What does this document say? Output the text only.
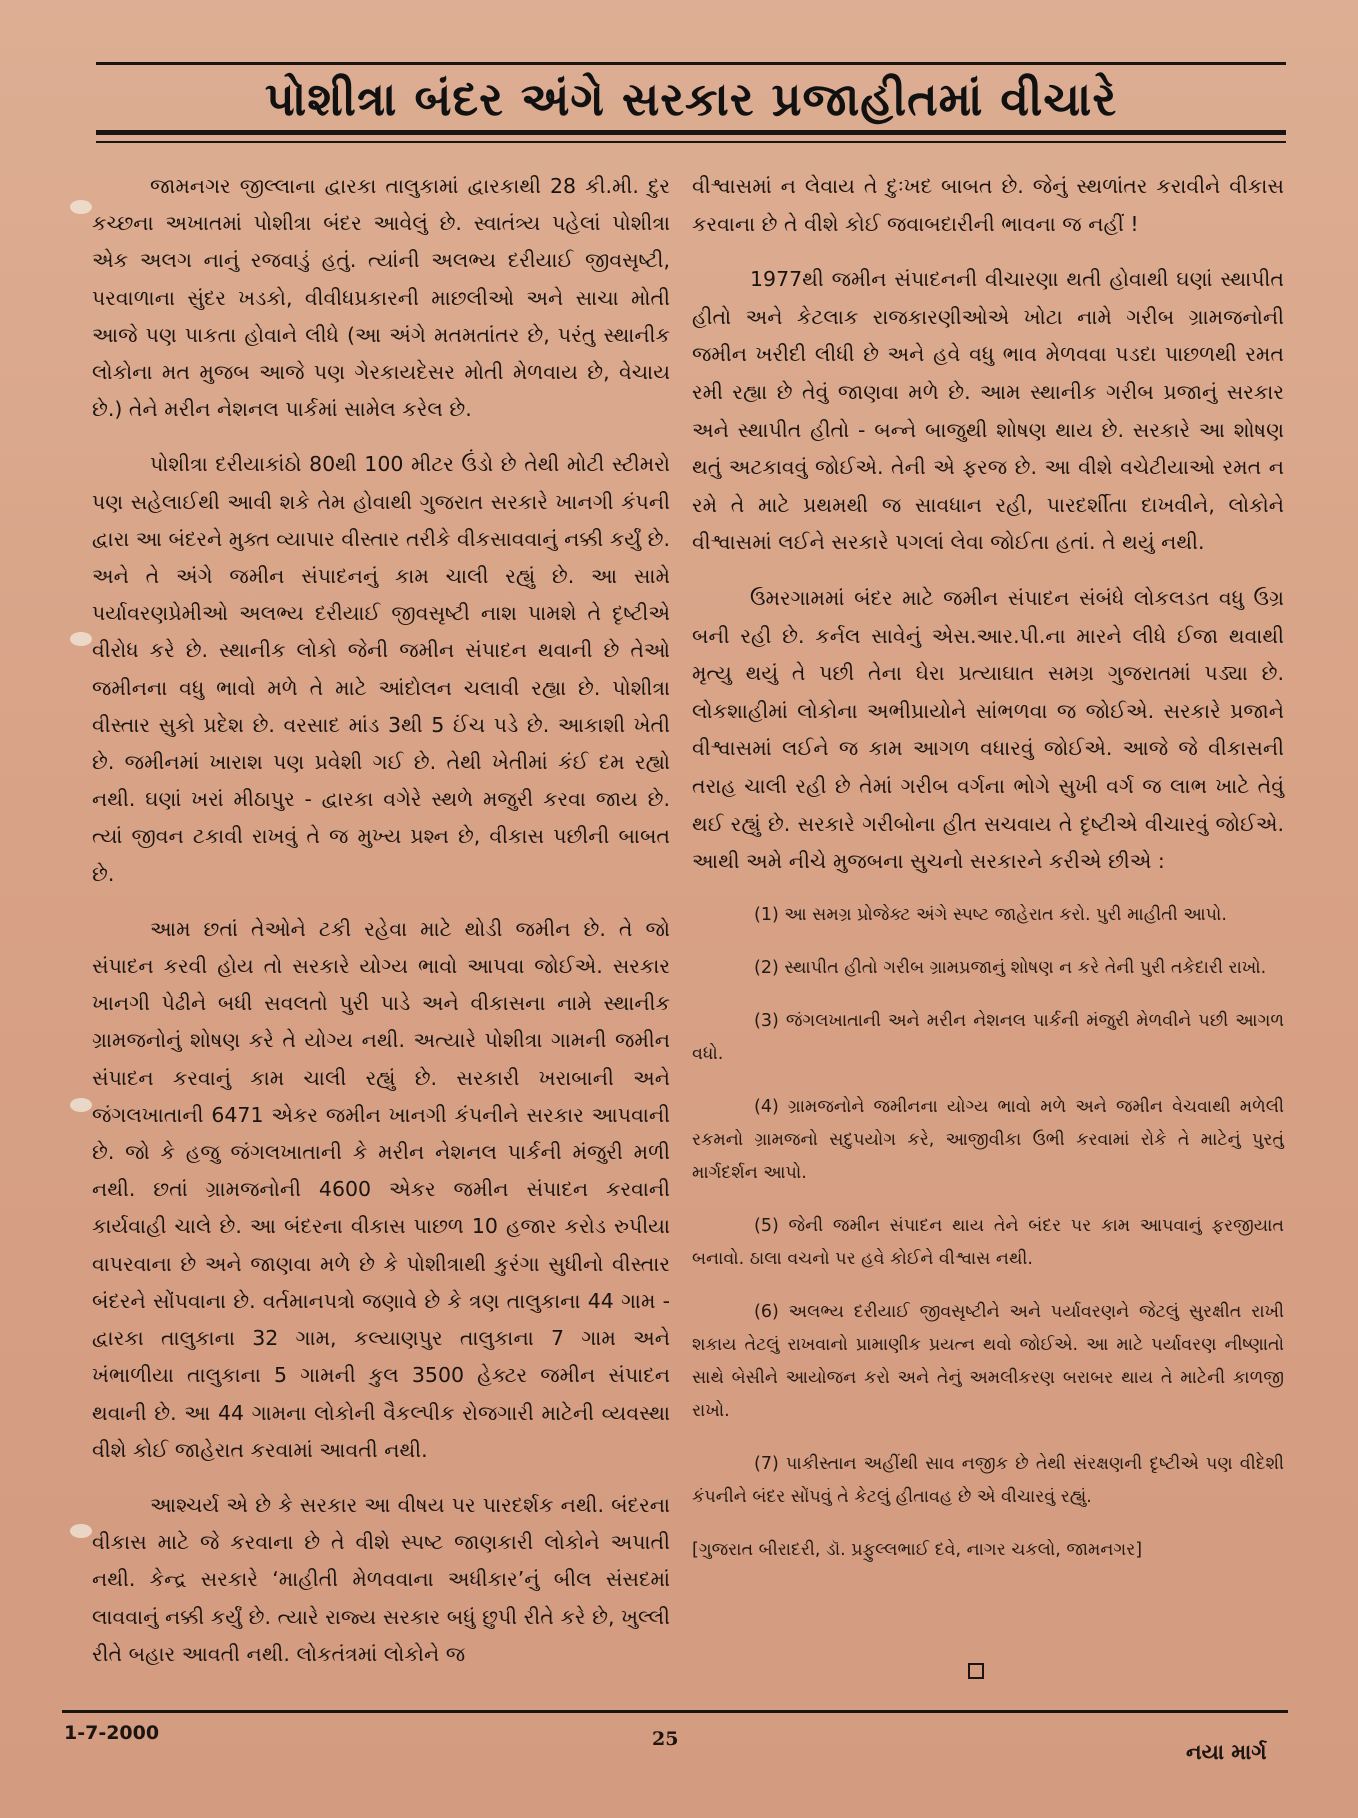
પોશીત્રા બંદર અંગે સરકાર પ્રજાહીતમાં વીચારે

જામનગર જીલ્લાના દ્વારકા તાલુકામાં દ્વારકાથી 28 કી.મી. દુર કચ્છના અખાતમાં પોશીત્રા બંદર આવેલું છે. સ્વાતંત્ર્ય પહેલાં પોશીત્રા એક અલગ નાનું રજવાડું હતું. ત્યાંની અલભ્ય દરીયાઈ જીવસૃષ્ટી, પરવાળાના સુંદર ખડકો, વીવીધપ્રકારની માછલીઓ અને સાચા મોતી આજે પણ પાકતા હોવાને લીધે (આ અંગે મતમતાંતર છે, પરંતુ સ્થાનીક લોકોના મત મુજબ આજે પણ ગેરકાયદેસર મોતી મેળવાય છે, વેચાય છે.) તેને મરીન નેશનલ પાર્કમાં સામેલ કરેલ છે.

પોશીત્રા દરીયાકાંઠો 80થી 100 મીટર ઉંડો છે તેથી મોટી સ્ટીમરો પણ સહેલાઈથી આવી શકે તેમ હોવાથી ગુજરાત સરકારે ખાનગી કંપની દ્વારા આ બંદરને મુક્ત વ્યાપાર વીસ્તાર તરીકે વીકસાવવાનું નક્કી કર્યું છે. અને તે અંગે જમીન સંપાદનનું કામ ચાલી રહ્યું છે. આ સામે પર્યાવરણપ્રેમીઓ અલભ્ય દરીયાઈ જીવસૃષ્ટી નાશ પામશે તે દૃષ્ટીએ વીરોધ કરે છે. સ્થાનીક લોકો જેની જમીન સંપાદન થવાની છે તેઓ જમીનના વધુ ભાવો મળે તે માટે આંદોલન ચલાવી રહ્યા છે. પોશીત્રા વીસ્તાર સુકો પ્રદેશ છે. વરસાદ માંડ 3થી 5 ઈંચ પડે છે. આકાશી ખેતી છે. જમીનમાં ખારાશ પણ પ્રવેશી ગઈ છે. તેથી ખેતીમાં કંઈ દમ રહ્યો નથી. ઘણાં ખરાં મીઠાપુર - દ્વારકા વગેરે સ્થળે મજુરી કરવા જાય છે. ત્યાં જીવન ટકાવી રાખવું તે જ મુખ્ય પ્રશ્ન છે, વીકાસ પછીની બાબત છે.

આમ છતાં તેઓને ટકી રહેવા માટે થોડી જમીન છે. તે જો સંપાદન કરવી હોય તો સરકારે યોગ્ય ભાવો આપવા જોઈએ. સરકાર ખાનગી પેઢીને બધી સવલતો પુરી પાડે અને વીકાસના નામે સ્થાનીક ગ્રામજનોનું શોષણ કરે તે યોગ્ય નથી. અત્યારે પોશીત્રા ગામની જમીન સંપાદન કરવાનું કામ ચાલી રહ્યું છે. સરકારી ખરાબાની અને જંગલખાતાની 6471 એકર જમીન ખાનગી કંપનીને સરકાર આપવાની છે. જો કે હજુ જંગલખાતાની કે મરીન નેશનલ પાર્કની મંજુરી મળી નથી. છતાં ગ્રામજનોની 4600 એકર જમીન સંપાદન કરવાની કાર્યવાહી ચાલે છે. આ બંદરના વીકાસ પાછળ 10 હજાર કરોડ રુપીયા વાપરવાના છે અને જાણવા મળે છે કે પોશીત્રાથી કુરંગા સુધીનો વીસ્તાર બંદરને સોંપવાના છે. વર્તમાનપત્રો જણાવે છે કે ત્રણ તાલુકાના 44 ગામ - દ્વારકા તાલુકાના 32 ગામ, કલ્યાણપુર તાલુકાના 7 ગામ અને ખંભાળીયા તાલુકાના 5 ગામની કુલ 3500 હેક્ટર જમીન સંપાદન થવાની છે. આ 44 ગામના લોકોની વૈકલ્પીક રોજગારી માટેની વ્યવસ્થા વીશે કોઈ જાહેરાત કરવામાં આવતી નથી.

આશ્ચર્ય એ છે કે સરકાર આ વીષય પર પારદર્શક નથી. બંદરના વીકાસ માટે જે કરવાના છે તે વીશે સ્પષ્ટ જાણકારી લોકોને અપાતી નથી. કેન્દ્ર સરકારે ‘માહીતી મેળવવાના અધીકાર’નું બીલ સંસદમાં લાવવાનું નક્કી કર્યું છે. ત્યારે રાજ્ય સરકાર બધું છુપી રીતે કરે છે, ખુલ્લી રીતે બહાર આવતી નથી. લોકતંત્રમાં લોકોને જ

વીશ્વાસમાં ન લેવાય તે દુઃખદ બાબત છે. જેનું સ્થળાંતર કરાવીને વીકાસ કરવાના છે તે વીશે કોઈ જવાબદારીની ભાવના જ નહીં !

1977થી જમીન સંપાદનની વીચારણા થતી હોવાથી ઘણાં સ્થાપીત હીતો અને કેટલાક રાજકારણીઓએ ખોટા નામે ગરીબ ગ્રામજનોની જમીન ખરીદી લીધી છે અને હવે વધુ ભાવ મેળવવા પડદા પાછળથી રમત રમી રહ્યા છે તેવું જાણવા મળે છે. આમ સ્થાનીક ગરીબ પ્રજાનું સરકાર અને સ્થાપીત હીતો - બન્ને બાજુથી શોષણ થાય છે. સરકારે આ શોષણ થતું અટકાવવું જોઈએ. તેની એ ફરજ છે. આ વીશે વચેટીયાઓ રમત ન રમે તે માટે પ્રથમથી જ સાવધાન રહી, પારદર્શીતા દાખવીને, લોકોને વીશ્વાસમાં લઈને સરકારે પગલાં લેવા જોઈતા હતાં. તે થયું નથી.

ઉમરગામમાં બંદર માટે જમીન સંપાદન સંબંધે લોકલડત વધુ ઉગ્ર બની રહી છે. કર્નલ સાવેનું એસ.આર.પી.ના મારને લીધે ઈજા થવાથી મૃત્યુ થયું તે પછી તેના ઘેરા પ્રત્યાઘાત સમગ્ર ગુજરાતમાં પડ્યા છે. લોકશાહીમાં લોકોના અભીપ્રાયોને સાંભળવા જ જોઈએ. સરકારે પ્રજાને વીશ્વાસમાં લઈને જ કામ આગળ વધારવું જોઈએ. આજે જે વીકાસની તરાહ ચાલી રહી છે તેમાં ગરીબ વર્ગના ભોગે સુખી વર્ગ જ લાભ ખાટે તેવું થઈ રહ્યું છે. સરકારે ગરીબોના હીત સચવાય તે દૃષ્ટીએ વીચારવું જોઈએ. આથી અમે નીચે મુજબના સુચનો સરકારને કરીએ છીએ :

(1) આ સમગ્ર પ્રોજેક્ટ અંગે સ્પષ્ટ જાહેરાત કરો. પુરી માહીતી આપો.

(2) સ્થાપીત હીતો ગરીબ ગ્રામપ્રજાનું શોષણ ન કરે તેની પુરી તકેદારી રાખો.

(3) જંગલખાતાની અને મરીન નેશનલ પાર્કની મંજુરી મેળવીને પછી આગળ વધો.

(4) ગ્રામજનોને જમીનના યોગ્ય ભાવો મળે અને જમીન વેચવાથી મળેલી રકમનો ગ્રામજનો સદુપયોગ કરે, આજીવીકા ઉભી કરવામાં રોકે તે માટેનું પુરતું માર્ગદર્શન આપો.

(5) જેની જમીન સંપાદન થાય તેને બંદર પર કામ આપવાનું ફરજીયાત બનાવો. ઠાલા વચનો પર હવે કોઈને વીશ્વાસ નથી.

(6) અલભ્ય દરીયાઈ જીવસૃષ્ટીને અને પર્યાવરણને જેટલું સુરક્ષીત રાખી શકાય તેટલું રાખવાનો પ્રામાણીક પ્રયત્ન થવો જોઈએ. આ માટે પર્યાવરણ નીષ્ણાતો સાથે બેસીને આયોજન કરો અને તેનું અમલીકરણ બરાબર થાય તે માટેની કાળજી રાખો.

(7) પાકીસ્તાન અહીંથી સાવ નજીક છે તેથી સંરક્ષણની દૃષ્ટીએ પણ વીદેશી કંપનીને બંદર સોંપવું તે કેટલું હીતાવહ છે એ વીચારવું રહ્યું.

[ગુજરાત બીરાદરી, ડૉ. પ્રફુલ્લભાઈ દવે, નાગર ચકલો, જામનગર]

1-7-2000	25
નયા માર્ગ
